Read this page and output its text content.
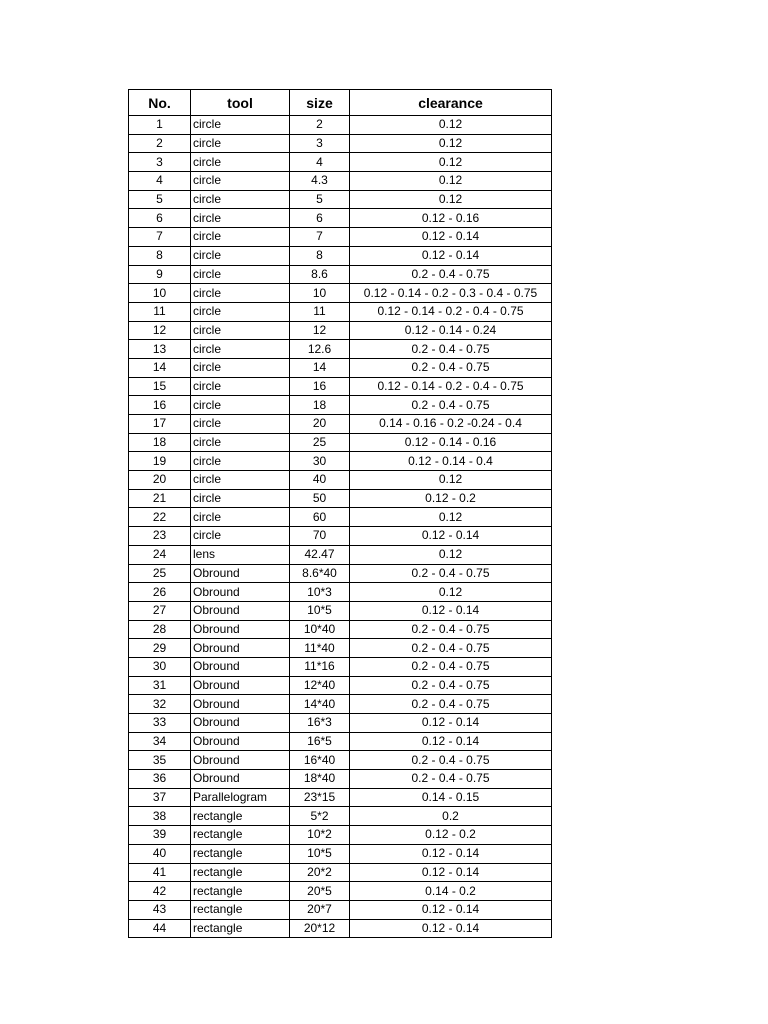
No.	tool	size	clearance
1	circle	2	0.12
2	circle	3	0.12
3	circle	4	0.12
4	circle	4.3	0.12
5	circle	5	0.12
6	circle	6	0.12 - 0.16
7	circle	7	0.12 - 0.14
8	circle	8	0.12 - 0.14
9	circle	8.6	0.2 - 0.4 - 0.75
10	circle	10	0.12 - 0.14 - 0.2 - 0.3 - 0.4 - 0.75
11	circle	11	0.12 - 0.14 - 0.2 - 0.4 - 0.75
12	circle	12	0.12 - 0.14 - 0.24
13	circle	12.6	0.2 - 0.4 - 0.75
14	circle	14	0.2 - 0.4 - 0.75
15	circle	16	0.12 - 0.14 - 0.2 - 0.4 - 0.75
16	circle	18	0.2 - 0.4 - 0.75
17	circle	20	0.14 - 0.16 - 0.2 -0.24 - 0.4
18	circle	25	0.12 - 0.14 - 0.16
19	circle	30	0.12 - 0.14 - 0.4
20	circle	40	0.12
21	circle	50	0.12 - 0.2
22	circle	60	0.12
23	circle	70	0.12 - 0.14
24	lens	42.47	0.12
25	Obround	8.6*40	0.2 - 0.4 - 0.75
26	Obround	10*3	0.12
27	Obround	10*5	0.12 - 0.14
28	Obround	10*40	0.2 - 0.4 - 0.75
29	Obround	11*40	0.2 - 0.4 - 0.75
30	Obround	11*16	0.2 - 0.4 - 0.75
31	Obround	12*40	0.2 - 0.4 - 0.75
32	Obround	14*40	0.2 - 0.4 - 0.75
33	Obround	16*3	0.12 - 0.14
34	Obround	16*5	0.12 - 0.14
35	Obround	16*40	0.2 - 0.4 - 0.75
36	Obround	18*40	0.2 - 0.4 - 0.75
37	Parallelogram	23*15	0.14 - 0.15
38	rectangle	5*2	0.2
39	rectangle	10*2	0.12 - 0.2
40	rectangle	10*5	0.12 - 0.14
41	rectangle	20*2	0.12 - 0.14
42	rectangle	20*5	0.14 - 0.2
43	rectangle	20*7	0.12 - 0.14
44	rectangle	20*12	0.12 - 0.14
